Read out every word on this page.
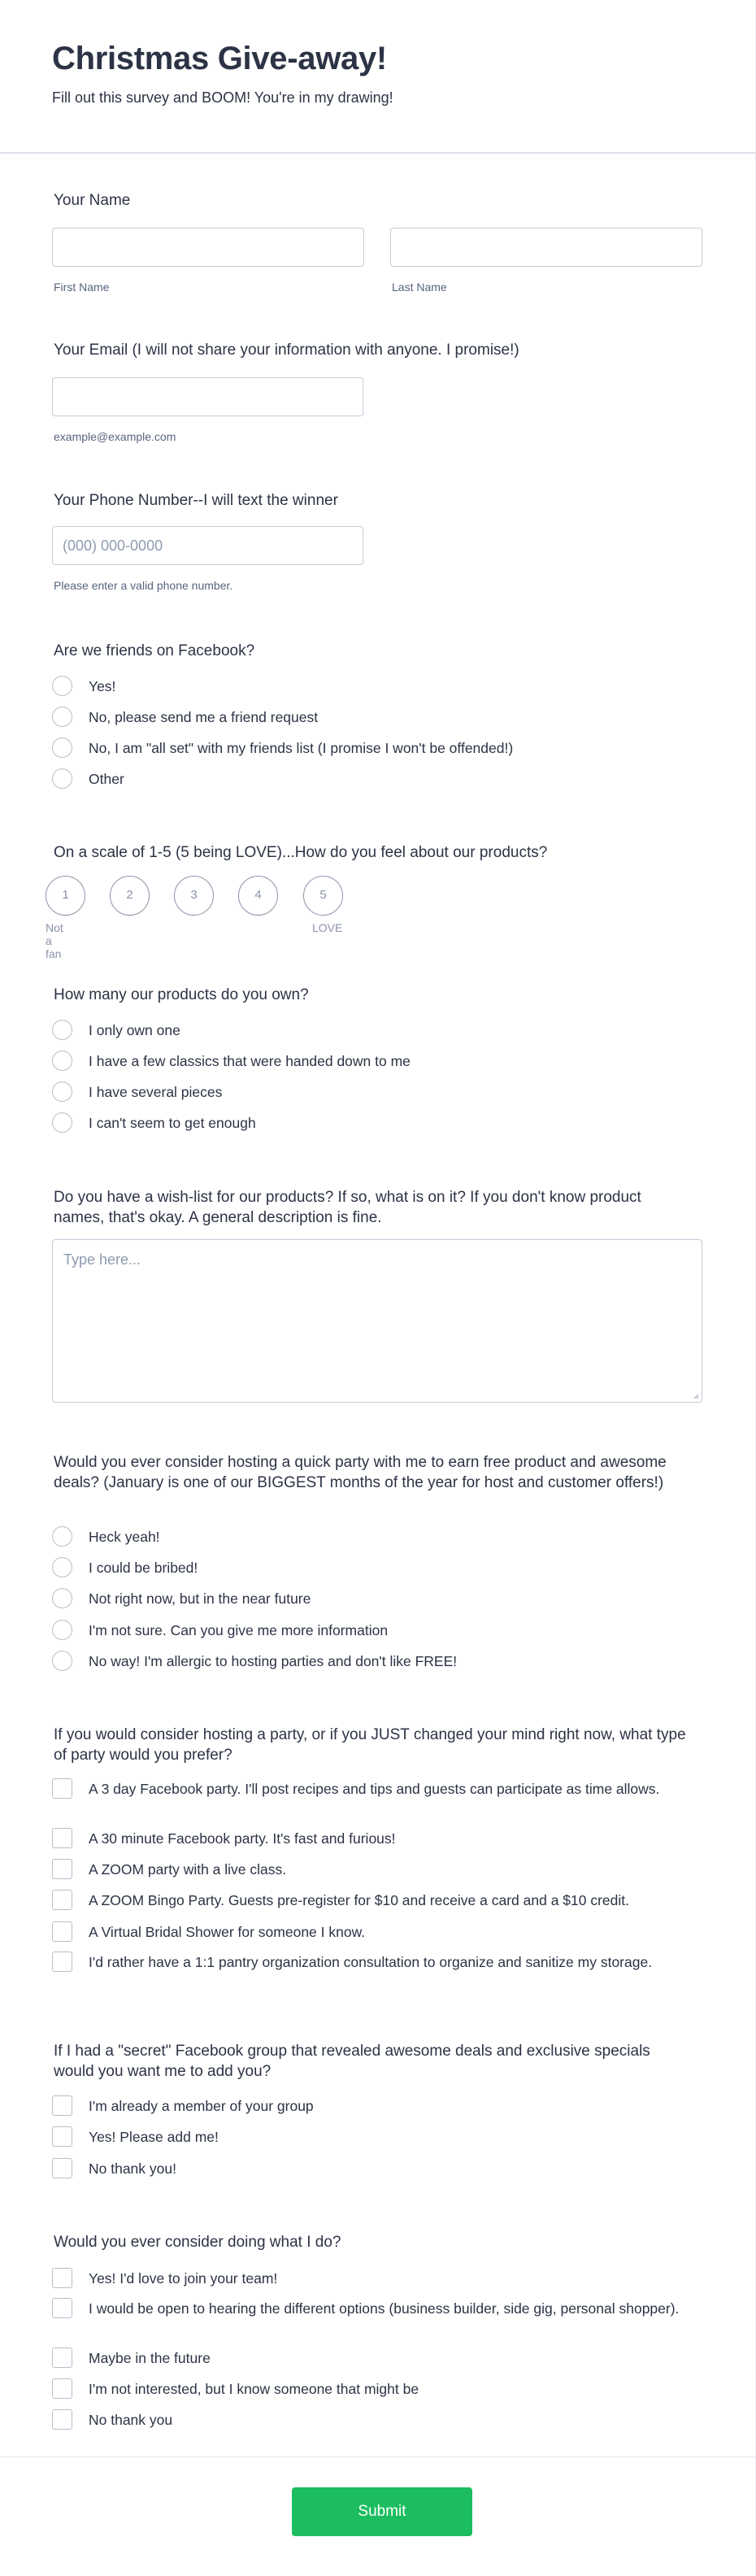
Christmas Give-away!
Fill out this survey and BOOM! You're in my drawing!
Your Name
First Name	Last Name
Your Email (I will not share your information with anyone. I promise!)
example@example.com
Your Phone Number--I will text the winner
(000) 000-0000
Please enter a valid phone number.
Are we friends on Facebook?
Yes!
No, please send me a friend request
No, I am "all set" with my friends list (I promise I won't be offended!)
Other
On a scale of 1-5 (5 being LOVE)...How do you feel about our products?
1	2	3	4	5
Not a fan
LOVE
How many our products do you own?
I only own one
I have a few classics that were handed down to me
I have several pieces
I can't seem to get enough
Do you have a wish-list for our products? If so, what is on it? If you don't know product names, that's okay. A general description is fine.
Type here...
Would you ever consider hosting a quick party with me to earn free product and awesome deals? (January is one of our BIGGEST months of the year for host and customer offers!)
Heck yeah!
I could be bribed!
Not right now, but in the near future
I'm not sure. Can you give me more information
No way! I'm allergic to hosting parties and don't like FREE!
If you would consider hosting a party, or if you JUST changed your mind right now, what type of party would you prefer?
A 3 day Facebook party. I'll post recipes and tips and guests can participate as time allows.
A 30 minute Facebook party. It's fast and furious!
A ZOOM party with a live class.
A ZOOM Bingo Party. Guests pre-register for $10 and receive a card and a $10 credit.
A Virtual Bridal Shower for someone I know.
I'd rather have a 1:1 pantry organization consultation to organize and sanitize my storage.
If I had a "secret" Facebook group that revealed awesome deals and exclusive specials would you want me to add you?
I'm already a member of your group
Yes! Please add me!
No thank you!
Would you ever consider doing what I do?
Yes! I'd love to join your team!
I would be open to hearing the different options (business builder, side gig, personal shopper).
Maybe in the future
I'm not interested, but I know someone that might be
No thank you
Submit
